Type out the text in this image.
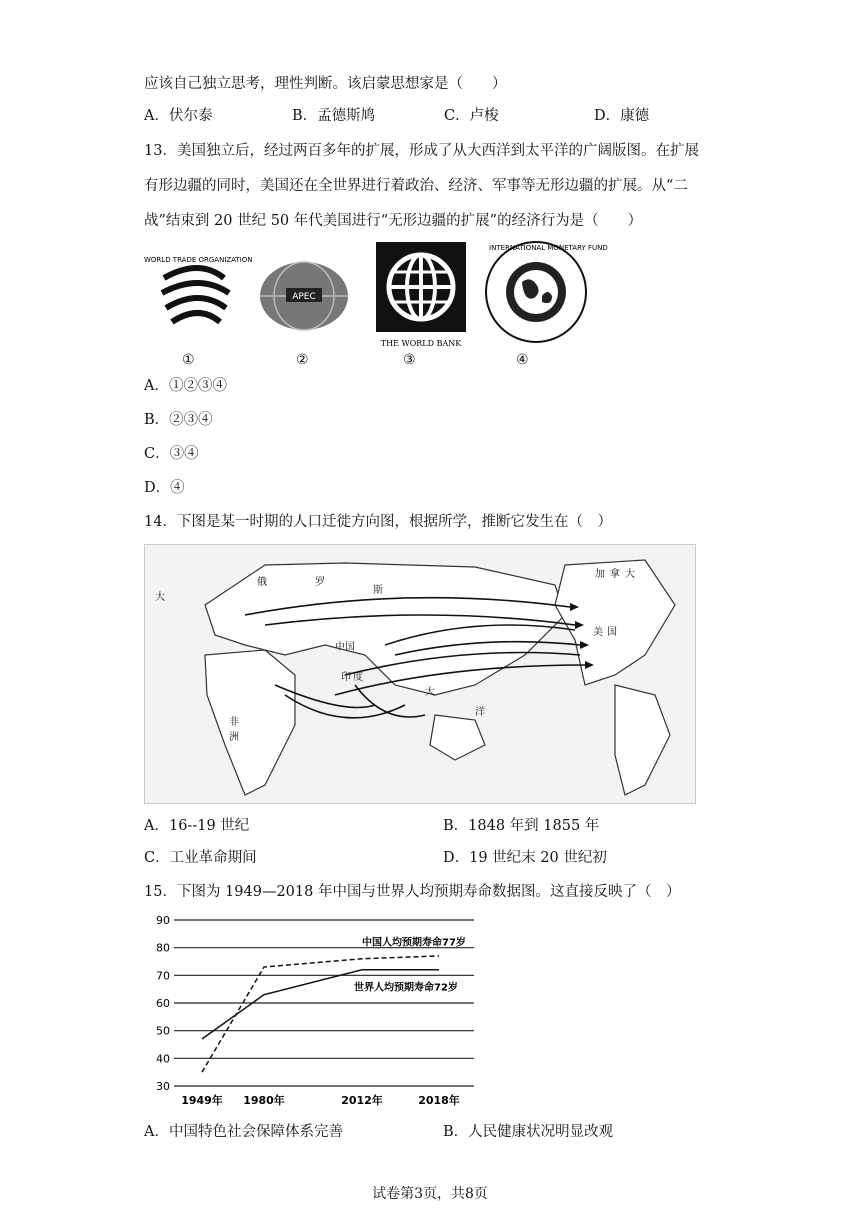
应该自己独立思考，理性判断。该启蒙思想家是（　　）
A．伏尔泰	B．孟德斯鸠	C．卢梭	D．康德
13．美国独立后，经过两百多年的扩展，形成了从大西洋到太平洋的广阔版图。在扩展
有形边疆的同时，美国还在全世界进行着政治、经济、军事等无形边疆的扩展。从“二
战”结束到 20 世纪 50 年代美国进行“无形边疆的扩展”的经济行为是（　　）
WORLD TRADE ORGANIZATION
APEC
THE WORLD BANK
INTERNATIONAL MONETARY FUND
①	②	③	④
A．①②③④
B．②③④
C．③④
D．④
14．下图是某一时期的人口迁徙方向图，根据所学，推断它发生在（　）
俄	罗
斯
大
中国
印 度
美 国
非
洲
大
洋
加 拿 大
A．16--19 世纪	B．1848 年到 1855 年
C．工业革命期间	D．19 世纪末 20 世纪初
15．下图为 1949—2018 年中国与世界人均预期寿命数据图。这直接反映了（　）
30
40
50
60
70
80
90
1949年 1980年	2012年	2018年
中国人均预期寿命77岁
世界人均预期寿命72岁
A．中国特色社会保障体系完善	B．人民健康状况明显改观
试卷第3页，共8页
